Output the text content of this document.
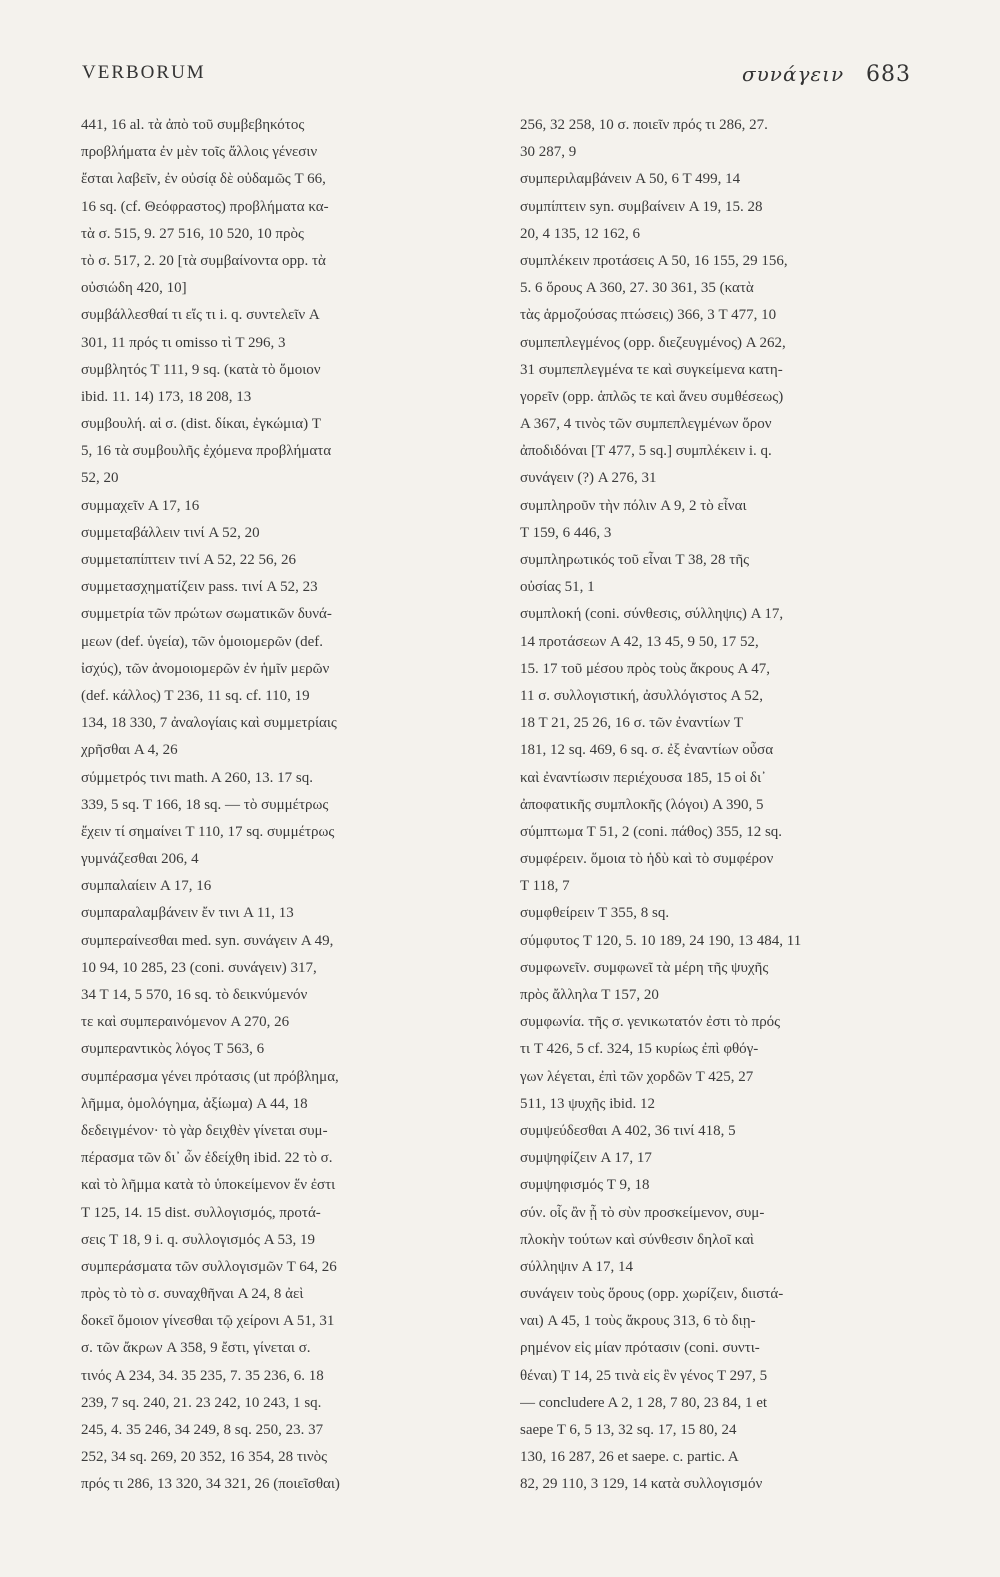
VERBORUM	συνάγειν 683
441, 16 al. τὰ ἀπὸ τοῦ συμβεβηκότος
προβλήματα ἐν μὲν τοῖς ἄλλοις γένεσιν
ἔσται λαβεῖν, ἐν οὐσίᾳ δὲ οὐδαμῶς T 66,
16 sq. (cf. Θεόφραστος) προβλήματα κα-
τὰ σ. 515, 9. 27 516, 10 520, 10 πρὸς
τὸ σ. 517, 2. 20 [τὰ συμβαίνοντα opp. τὰ
οὐσιώδη 420, 10]
συμβάλλεσθαί τι εἴς τι i. q. συντελεῖν A
301, 11 πρός τι omisso τὶ T 296, 3
συμβλητός T 111, 9 sq. (κατὰ τὸ ὅμοιον
ibid. 11. 14) 173, 18 208, 13
συμβουλή. αἱ σ. (dist. δίκαι, ἐγκώμια) T
5, 16 τὰ συμβουλῆς ἐχόμενα προβλήματα
52, 20
συμμαχεῖν A 17, 16
συμμεταβάλλειν τινί A 52, 20
συμμεταπίπτειν τινί A 52, 22 56, 26
συμμετασχηματίζειν pass. τινί A 52, 23
συμμετρία τῶν πρώτων σωματικῶν δυνά-
μεων (def. ὑγεία), τῶν ὁμοιομερῶν (def.
ἰσχύς), τῶν ἀνομοιομερῶν ἐν ἡμῖν μερῶν
(def. κάλλος) T 236, 11 sq. cf. 110, 19
134, 18 330, 7 ἀναλογίαις καὶ συμμετρίαις
χρῆσθαι A 4, 26
σύμμετρός τινι math. A 260, 13. 17 sq.
339, 5 sq. T 166, 18 sq. — τὸ συμμέτρως
ἔχειν τί σημαίνει T 110, 17 sq. συμμέτρως
γυμνάζεσθαι 206, 4
συμπαλαίειν A 17, 16
συμπαραλαμβάνειν ἔν τινι A 11, 13
συμπεραίνεσθαι med. syn. συνάγειν A 49,
10 94, 10 285, 23 (coni. συνάγειν) 317,
34 T 14, 5 570, 16 sq. τὸ δεικνύμενόν
τε καὶ συμπεραινόμενον A 270, 26
συμπεραντικὸς λόγος T 563, 6
συμπέρασμα γένει πρότασις (ut πρόβλημα,
λῆμμα, ὁμολόγημα, ἀξίωμα) A 44, 18
δεδειγμένον· τὸ γὰρ δειχθὲν γίνεται συμ-
πέρασμα τῶν δι᾽ ὧν ἐδείχθη ibid. 22 τὸ σ.
καὶ τὸ λῆμμα κατὰ τὸ ὑποκείμενον ἕν ἐστι
T 125, 14. 15 dist. συλλογισμός, προτά-
σεις T 18, 9 i. q. συλλογισμός A 53, 19
συμπεράσματα τῶν συλλογισμῶν T 64, 26
πρὸς τὸ τὸ σ. συναχθῆναι A 24, 8 ἀεὶ
δοκεῖ ὅμοιον γίνεσθαι τῷ χείρονι A 51, 31
σ. τῶν ἄκρων A 358, 9 ἔστι, γίνεται σ.
τινός A 234, 34. 35 235, 7. 35 236, 6. 18
239, 7 sq. 240, 21. 23 242, 10 243, 1 sq.
245, 4. 35 246, 34 249, 8 sq. 250, 23. 37
252, 34 sq. 269, 20 352, 16 354, 28 τινὸς
πρός τι 286, 13 320, 34 321, 26 (ποιεῖσθαι)
256, 32 258, 10 σ. ποιεῖν πρός τι 286, 27.
30 287, 9
συμπεριλαμβάνειν A 50, 6 T 499, 14
συμπίπτειν syn. συμβαίνειν A 19, 15. 28
20, 4 135, 12 162, 6
συμπλέκειν προτάσεις A 50, 16 155, 29 156,
5. 6 ὅρους A 360, 27. 30 361, 35 (κατὰ
τὰς ἁρμοζούσας πτώσεις) 366, 3 T 477, 10
συμπεπλεγμένος (opp. διεζευγμένος) A 262,
31 συμπεπλεγμένα τε καὶ συγκείμενα κατη-
γορεῖν (opp. ἁπλῶς τε καὶ ἄνευ συμθέσεως)
A 367, 4 τινὸς τῶν συμπεπλεγμένων ὅρον
ἀποδιδόναι [T 477, 5 sq.] συμπλέκειν i. q.
συνάγειν (?) A 276, 31
συμπληροῦν τὴν πόλιν A 9, 2 τὸ εἶναι
T 159, 6 446, 3
συμπληρωτικός τοῦ εἶναι T 38, 28 τῆς
οὐσίας 51, 1
συμπλοκή (coni. σύνθεσις, σύλληψις) A 17,
14 προτάσεων A 42, 13 45, 9 50, 17 52,
15. 17 τοῦ μέσου πρὸς τοὺς ἄκρους A 47,
11 σ. συλλογιστική, ἀσυλλόγιστος A 52,
18 T 21, 25 26, 16 σ. τῶν ἐναντίων T
181, 12 sq. 469, 6 sq. σ. ἐξ ἐναντίων οὖσα
καὶ ἐναντίωσιν περιέχουσα 185, 15 οἱ δι᾽
ἀποφατικῆς συμπλοκῆς (λόγοι) A 390, 5
σύμπτωμα T 51, 2 (coni. πάθος) 355, 12 sq.
συμφέρειν. ὅμοια τὸ ἡδὺ καὶ τὸ συμφέρον
T 118, 7
συμφθείρειν T 355, 8 sq.
σύμφυτος T 120, 5. 10 189, 24 190, 13 484, 11
συμφωνεῖν. συμφωνεῖ τὰ μέρη τῆς ψυχῆς
πρὸς ἄλληλα T 157, 20
συμφωνία. τῆς σ. γενικωτατόν ἐστι τὸ πρός
τι T 426, 5 cf. 324, 15 κυρίως ἐπὶ φθόγ-
γων λέγεται, ἐπὶ τῶν χορδῶν T 425, 27
511, 13 ψυχῆς ibid. 12
συμψεύδεσθαι A 402, 36 τινί 418, 5
συμψηφίζειν A 17, 17
συμψηφισμός T 9, 18
σύν. οἷς ἂν ᾖ τὸ σὺν προσκείμενον, συμ-
πλοκὴν τούτων καὶ σύνθεσιν δηλοῖ καὶ
σύλληψιν A 17, 14
συνάγειν τοὺς ὅρους (opp. χωρίζειν, διιστά-
ναι) A 45, 1 τοὺς ἄκρους 313, 6 τὸ διῃ-
ρημένον εἰς μίαν πρότασιν (coni. συντι-
θέναι) T 14, 25 τινὰ εἰς ἓν γένος T 297, 5
— concludere A 2, 1 28, 7 80, 23 84, 1 et
saepe T 6, 5 13, 32 sq. 17, 15 80, 24
130, 16 287, 26 et saepe. c. partic. A
82, 29 110, 3 129, 14 κατὰ συλλογισμόν
